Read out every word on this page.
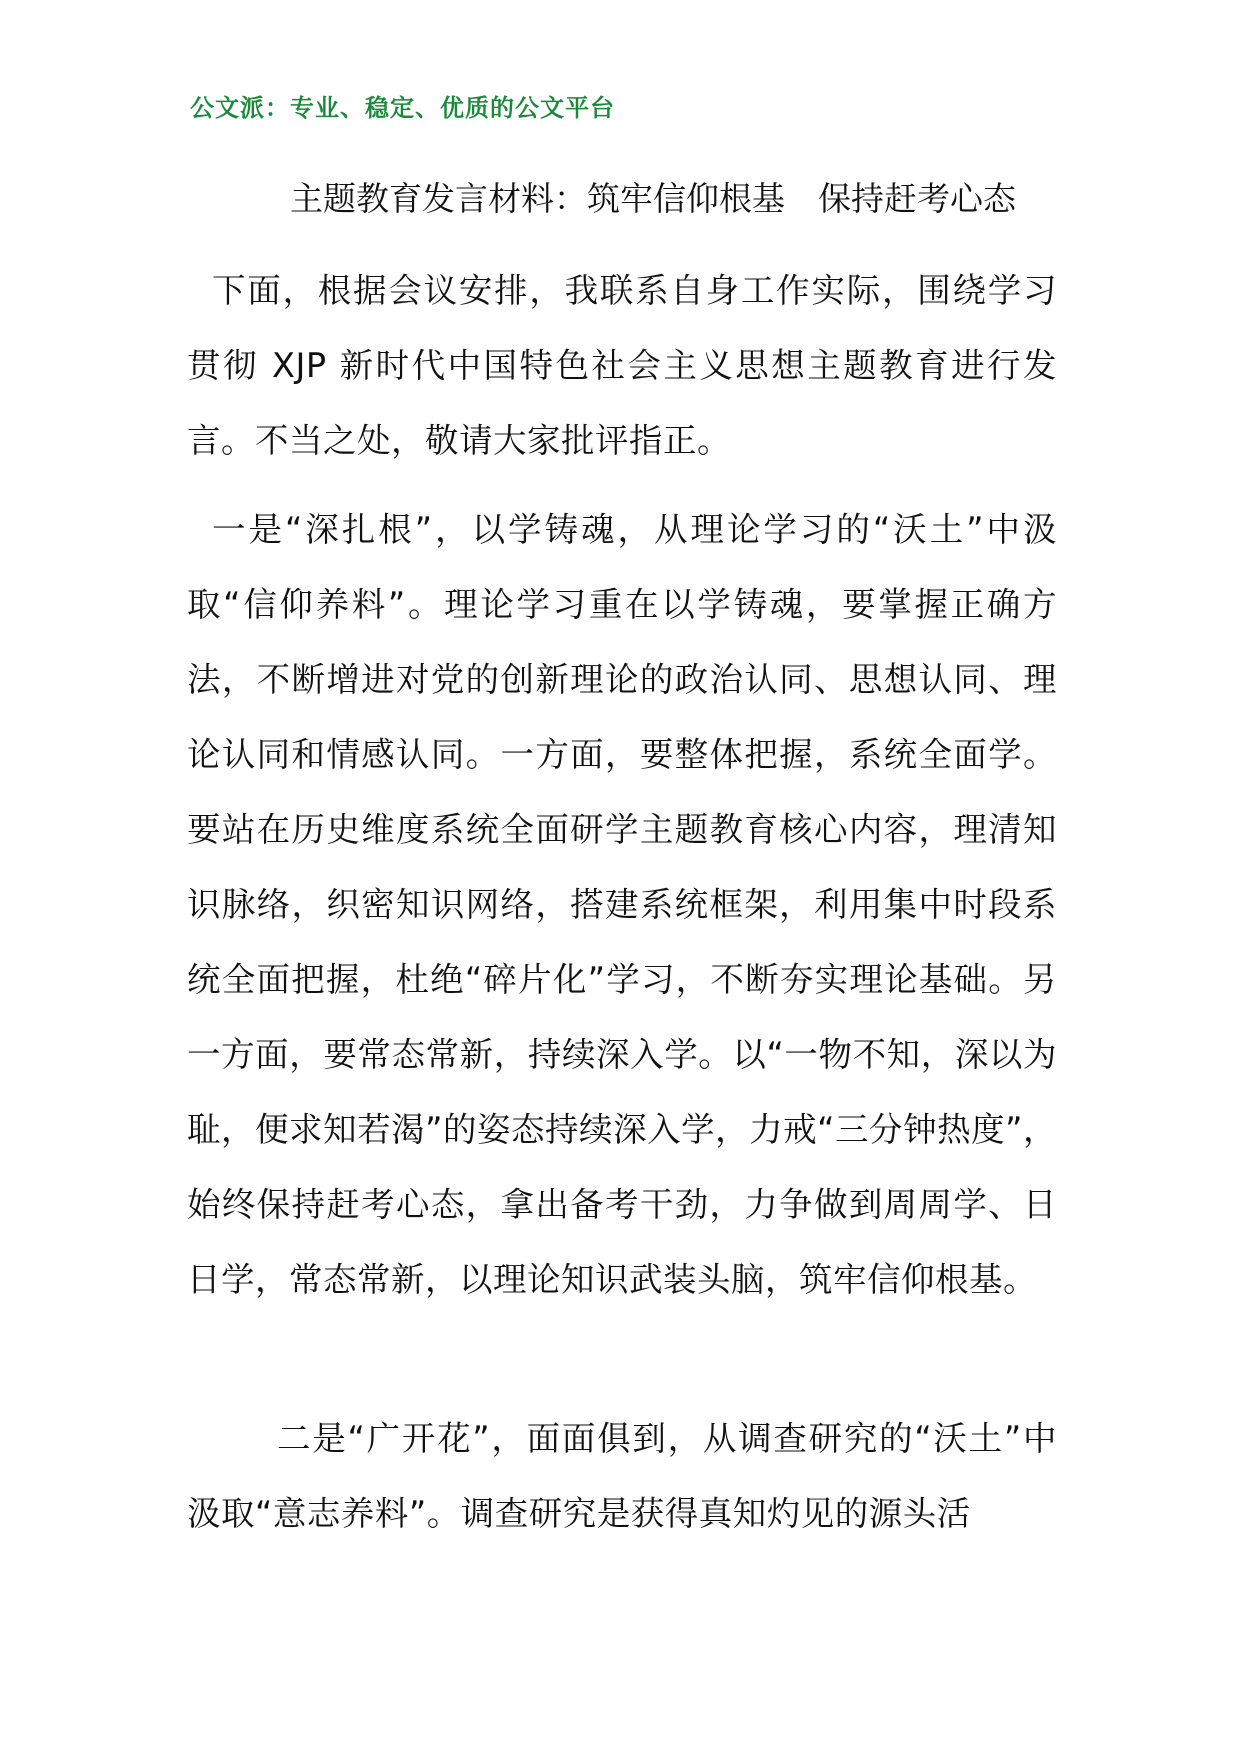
公文派：专业、稳定、优质的公文平台
主题教育发言材料：筑牢信仰根基　保持赶考心态
下面，根据会议安排，我联系自身工作实际，围绕学习贯彻 XJP 新时代中国特色社会主义思想主题教育进行发言。不当之处，敬请大家批评指正。
一是“深扎根”，以学铸魂，从理论学习的“沃土”中汲取“信仰养料”。理论学习重在以学铸魂，要掌握正确方法，不断增进对党的创新理论的政治认同、思想认同、理论认同和情感认同。一方面，要整体把握，系统全面学。要站在历史维度系统全面研学主题教育核心内容，理清知识脉络，织密知识网络，搭建系统框架，利用集中时段系统全面把握，杜绝“碎片化”学习，不断夯实理论基础。另一方面，要常态常新，持续深入学。以“一物不知，深以为耻，便求知若渴”的姿态持续深入学，力戒“三分钟热度”，始终保持赶考心态，拿出备考干劲，力争做到周周学、日日学，常态常新，以理论知识武装头脑，筑牢信仰根基。
二是“广开花”，面面俱到，从调查研究的“沃土”中汲取“意志养料”。调查研究是获得真知灼见的源头活
